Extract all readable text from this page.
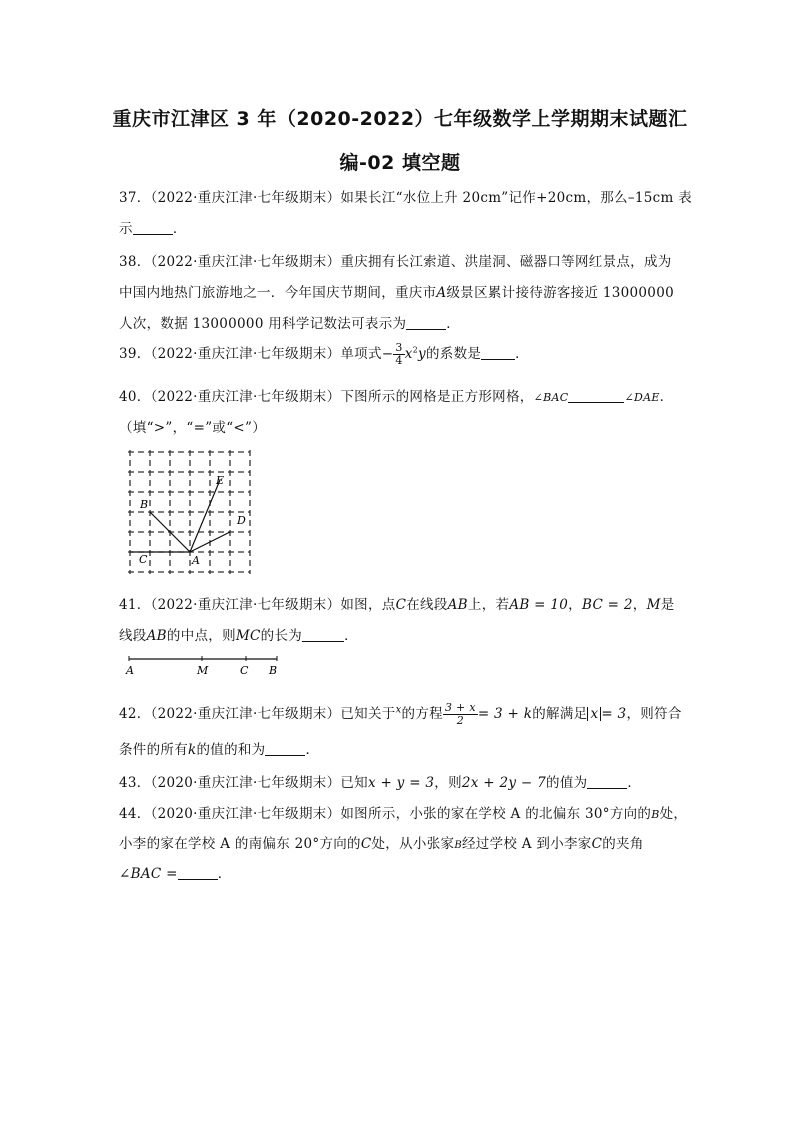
重庆市江津区 3 年（2020-2022）七年级数学上学期期末试题汇
编-02 填空题
37．（2022·重庆江津·七年级期末）如果长江“水位上升 20cm”记作+20cm，那么–15cm 表
示	．
38．（2022·重庆江津·七年级期末）重庆拥有长江索道、洪崖洞、磁器口等网红景点，成为
中国内地热门旅游地之一．今年国庆节期间，重庆市A级景区累计接待游客接近 13000000
人次，数据 13000000 用科学记数法可表示为	．
39．（2022·重庆江津·七年级期末）单项式− $\frac{3}{4} x^2y$的系数是	．
40．（2022·重庆江津·七年级期末）下图所示的网格是正方形网格，∠BAC	∠DAE．
（填“>”，“=”或“<”）
B
E
D
C	A
41．（2022·重庆江津·七年级期末）如图，点C在线段AB上，若AB = 10，BC = 2，M是
线段AB的中点，则MC的长为	．
A	M	C B
42．（2022·重庆江津·七年级期末）已知关于$^x$的方程 $\frac{3 + x}{2} = 3 + k$的解满足 x = 3，则符合
条件的所有k的值的和为	．
43．（2020·重庆江津·七年级期末）已知x + y = 3，则2x + 2y − 7的值为	．
44．（2020·重庆江津·七年级期末）如图所示，小张的家在学校 A 的北偏东 30°方向的B处，
小李的家在学校 A 的南偏东 20°方向的C处，从小张家B经过学校 A 到小李家C的夹角
∠BAC =	．
